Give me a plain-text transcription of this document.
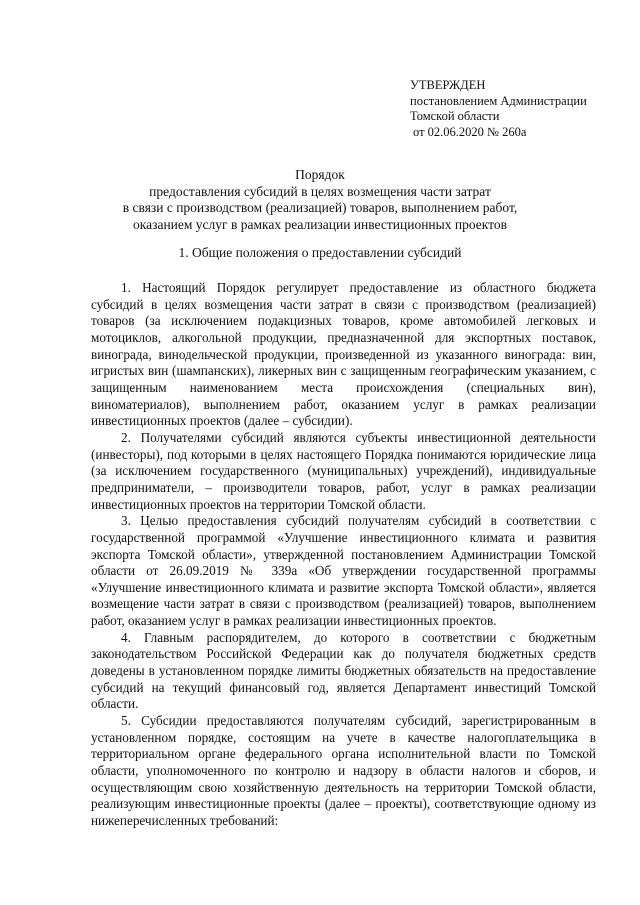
УТВЕРЖДЕН
постановлением Администрации
Томской области
от 02.06.2020 № 260а
Порядок
предоставления субсидий в целях возмещения части затрат
в связи с производством (реализацией) товаров, выполнением работ,
оказанием услуг в рамках реализации инвестиционных проектов
1. Общие положения о предоставлении субсидий

1. Настоящий Порядок регулирует предоставление из областного бюджета субсидий в целях возмещения части затрат в связи с производством (реализацией) товаров (за исключением подакцизных товаров, кроме автомобилей легковых и мотоциклов, алкогольной продукции, предназначенной для экспортных поставок, винограда, винодельческой продукции, произведенной из указанного винограда: вин, игристых вин (шампанских), ликерных вин с защищенным географическим указанием, с защищенным наименованием места происхождения (специальных вин), виноматериалов), выполнением работ, оказанием услуг в рамках реализации инвестиционных проектов (далее – субсидии).

2. Получателями субсидий являются субъекты инвестиционной деятельности (инвесторы), под которыми в целях настоящего Порядка понимаются юридические лица (за исключением государственного (муниципальных) учреждений), индивидуальные предприниматели, – производители товаров, работ, услуг в рамках реализации инвестиционных проектов на территории Томской области.

3. Целью предоставления субсидий получателям субсидий в соответствии с государственной программой «Улучшение инвестиционного климата и развития экспорта Томской области», утвержденной постановлением Администрации Томской области от 26.09.2019 № 339а «Об утверждении государственной программы «Улучшение инвестиционного климата и развитие экспорта Томской области», является возмещение части затрат в связи с производством (реализацией) товаров, выполнением работ, оказанием услуг в рамках реализации инвестиционных проектов.

4. Главным распорядителем, до которого в соответствии с бюджетным законодательством Российской Федерации как до получателя бюджетных средств доведены в установленном порядке лимиты бюджетных обязательств на предоставление субсидий на текущий финансовый год, является Департамент инвестиций Томской области.

5. Субсидии предоставляются получателям субсидий, зарегистрированным в установленном порядке, состоящим на учете в качестве налогоплательщика в территориальном органе федерального органа исполнительной власти по Томской области, уполномоченного по контролю и надзору в области налогов и сборов, и осуществляющим свою хозяйственную деятельность на территории Томской области, реализующим инвестиционные проекты (далее – проекты), соответствующие одному из нижеперечисленных требований:
